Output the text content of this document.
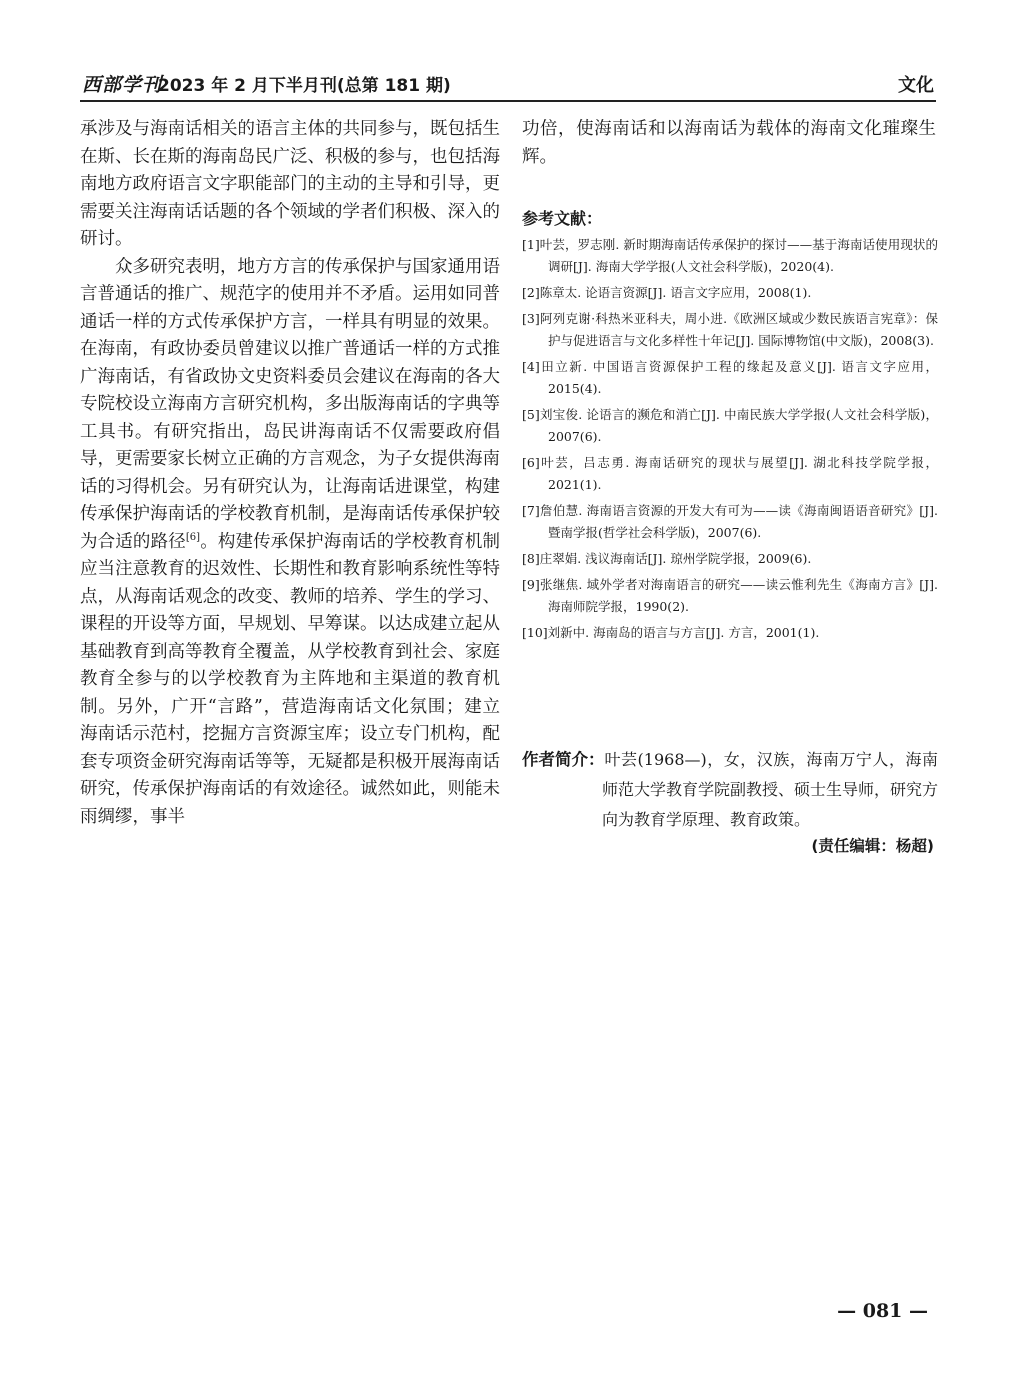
西部学刊
2023 年 2 月下半月刊(总第 181 期)	文化

承涉及与海南话相关的语言主体的共同参与，既包括生在斯、长在斯的海南岛民广泛、积极的参与，也包括海南地方政府语言文字职能部门的主动的主导和引导，更需要关注海南话话题的各个领域的学者们积极、深入的研讨。

众多研究表明，地方方言的传承保护与国家通用语言普通话的推广、规范字的使用并不矛盾。运用如同普通话一样的方式传承保护方言，一样具有明显的效果。在海南，有政协委员曾建议以推广普通话一样的方式推广海南话，有省政协文史资料委员会建议在海南的各大专院校设立海南方言研究机构，多出版海南话的字典等工具书。有研究指出，岛民讲海南话不仅需要政府倡导，更需要家长树立正确的方言观念，为子女提供海南话的习得机会。另有研究认为，让海南话进课堂，构建传承保护海南话的学校教育机制，是海南话传承保护较为合适的路径[6]。构建传承保护海南话的学校教育机制应当注意教育的迟效性、长期性和教育影响系统性等特点，从海南话观念的改变、教师的培养、学生的学习、课程的开设等方面，早规划、早筹谋。以达成建立起从基础教育到高等教育全覆盖，从学校教育到社会、家庭教育全参与的以学校教育为主阵地和主渠道的教育机制。另外，广开“言路”，营造海南话文化氛围；建立海南话示范村，挖掘方言资源宝库；设立专门机构，配套专项资金研究海南话等等，无疑都是积极开展海南话研究，传承保护海南话的有效途径。诚然如此，则能未雨绸缪，事半

功倍，使海南话和以海南话为载体的海南文化璀璨生辉。

参考文献：
[1]叶芸，罗志刚. 新时期海南话传承保护的探讨——基于海南话使用现状的调研[J]. 海南大学学报(人文社会科学版)，2020(4).
[2]陈章太. 论语言资源[J]. 语言文字应用，2008(1).
[3]阿列克谢·科热米亚科夫，周小进.《欧洲区域或少数民族语言宪章》：保护与促进语言与文化多样性十年记[J]. 国际博物馆(中文版)，2008(3).
[4]田立新. 中国语言资源保护工程的缘起及意义[J]. 语言文字应用，2015(4).
[5]刘宝俊. 论语言的濒危和消亡[J]. 中南民族大学学报(人文社会科学版)，2007(6).
[6]叶芸，吕志勇. 海南话研究的现状与展望[J]. 湖北科技学院学报，2021(1).
[7]詹伯慧. 海南语言资源的开发大有可为——读《海南闽语语音研究》[J]. 暨南学报(哲学社会科学版)，2007(6).
[8]庄翠娟. 浅议海南话[J]. 琼州学院学报，2009(6).
[9]张继焦. 域外学者对海南语言的研究——读云惟利先生《海南方言》[J]. 海南师院学报，1990(2).
[10]刘新中. 海南岛的语言与方言[J]. 方言，2001(1).
作者简介： 叶芸(1968—)，女，汉族，海南万宁人，海南师范大学教育学院副教授、硕士生导师，研究方向为教育学原理、教育政策。
(责任编辑：杨超)
— 081 —
